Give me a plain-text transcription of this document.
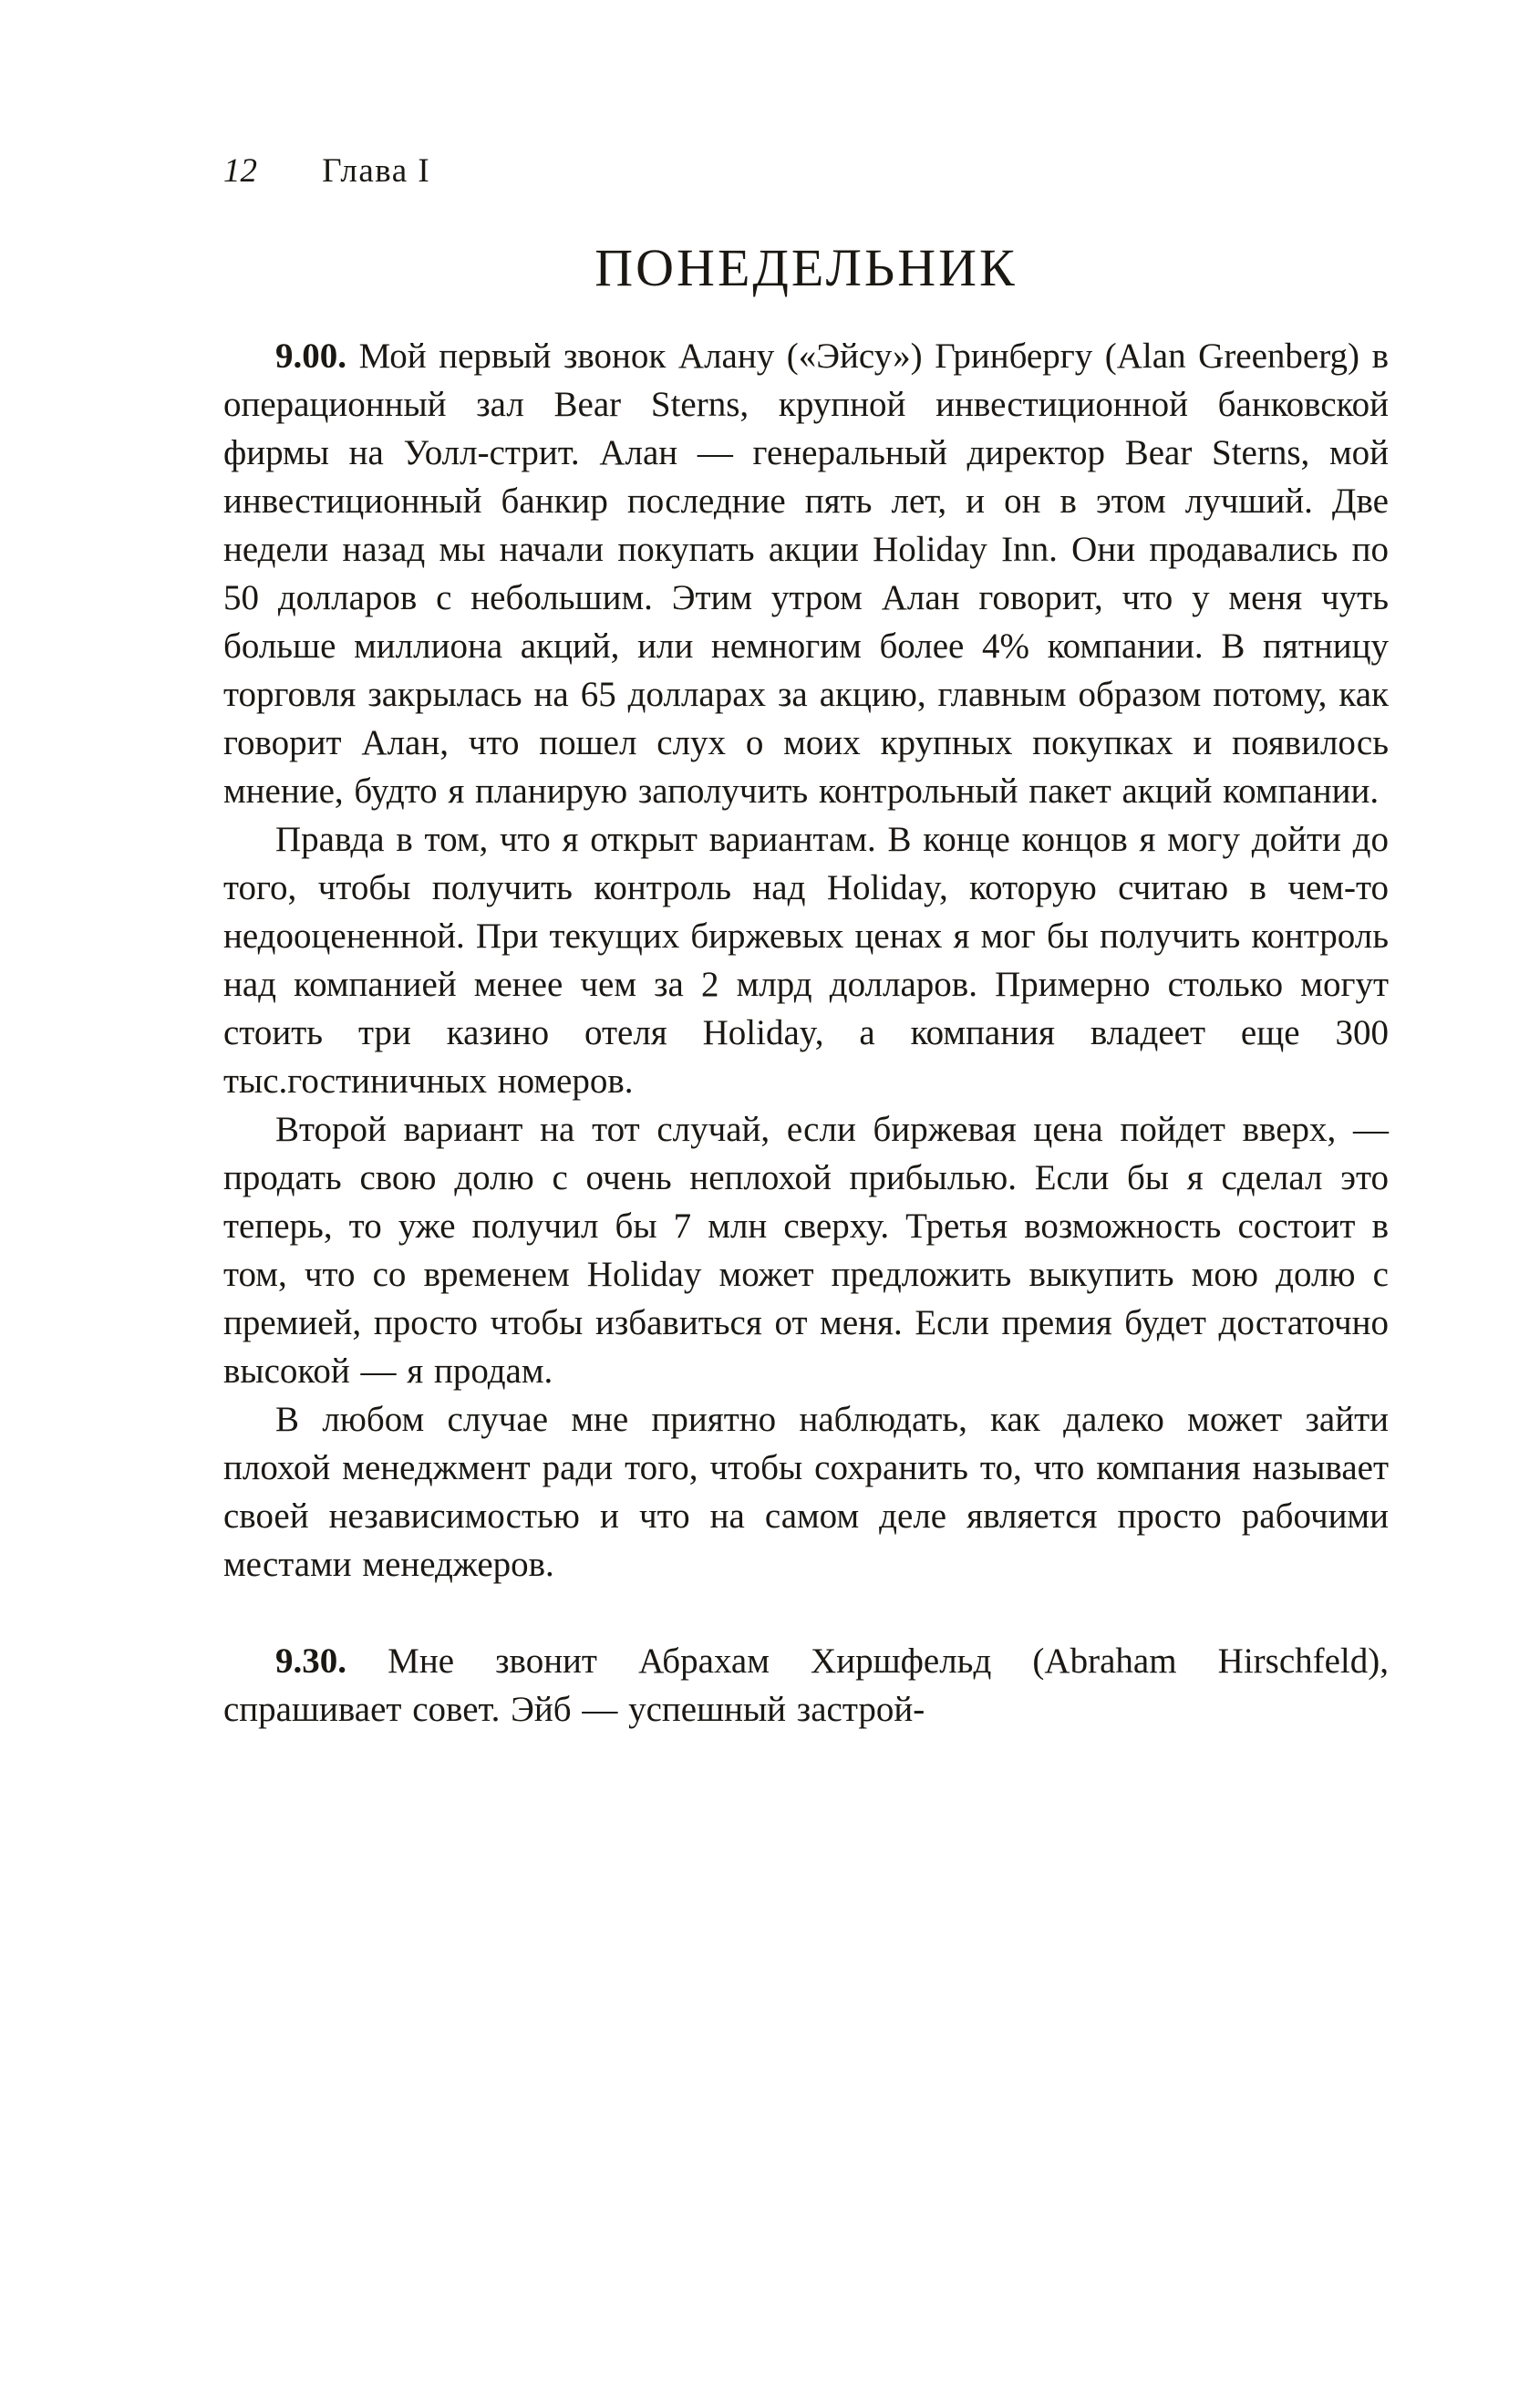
12 Глава I
ПОНЕДЕЛЬНИК

9.00. Мой первый звонок Алану («Эйсу») Гринбергу (Alan Greenberg) в операционный зал Bear Sterns, крупной инвестиционной банковской фирмы на Уолл-стрит. Алан — генеральный директор Bear Sterns, мой инвестиционный банкир последние пять лет, и он в этом лучший. Две недели назад мы начали покупать акции Holiday Inn. Они продавались по 50 долларов с небольшим. Этим утром Алан говорит, что у меня чуть больше миллиона акций, или немногим более 4% компании. В пятницу торговля закрылась на 65 долларах за акцию, главным образом потому, как говорит Алан, что пошел слух о моих крупных покупках и появилось мнение, будто я планирую заполучить контрольный пакет акций компании.

Правда в том, что я открыт вариантам. В конце концов я могу дойти до того, чтобы получить контроль над Holiday, которую считаю в чем-то недооцененной. При текущих биржевых ценах я мог бы получить контроль над компанией менее чем за 2 млрд долларов. Примерно столько могут стоить три казино отеля Holiday, а компания владеет еще 300 тыс.гостиничных номеров.

Второй вариант на тот случай, если биржевая цена пойдет вверх, — продать свою долю с очень неплохой прибылью. Если бы я сделал это теперь, то уже получил бы 7 млн сверху. Третья возможность состоит в том, что со временем Holiday может предложить выкупить мою долю с премией, просто чтобы избавиться от меня. Если премия будет достаточно высокой — я продам.

В любом случае мне приятно наблюдать, как далеко может зайти плохой менеджмент ради того, чтобы сохранить то, что компания называет своей независимостью и что на самом деле является просто рабочими местами менеджеров.

9.30. Мне звонит Абрахам Хиршфельд (Abraham Hirschfeld), спрашивает совет. Эйб — успешный застрой-
